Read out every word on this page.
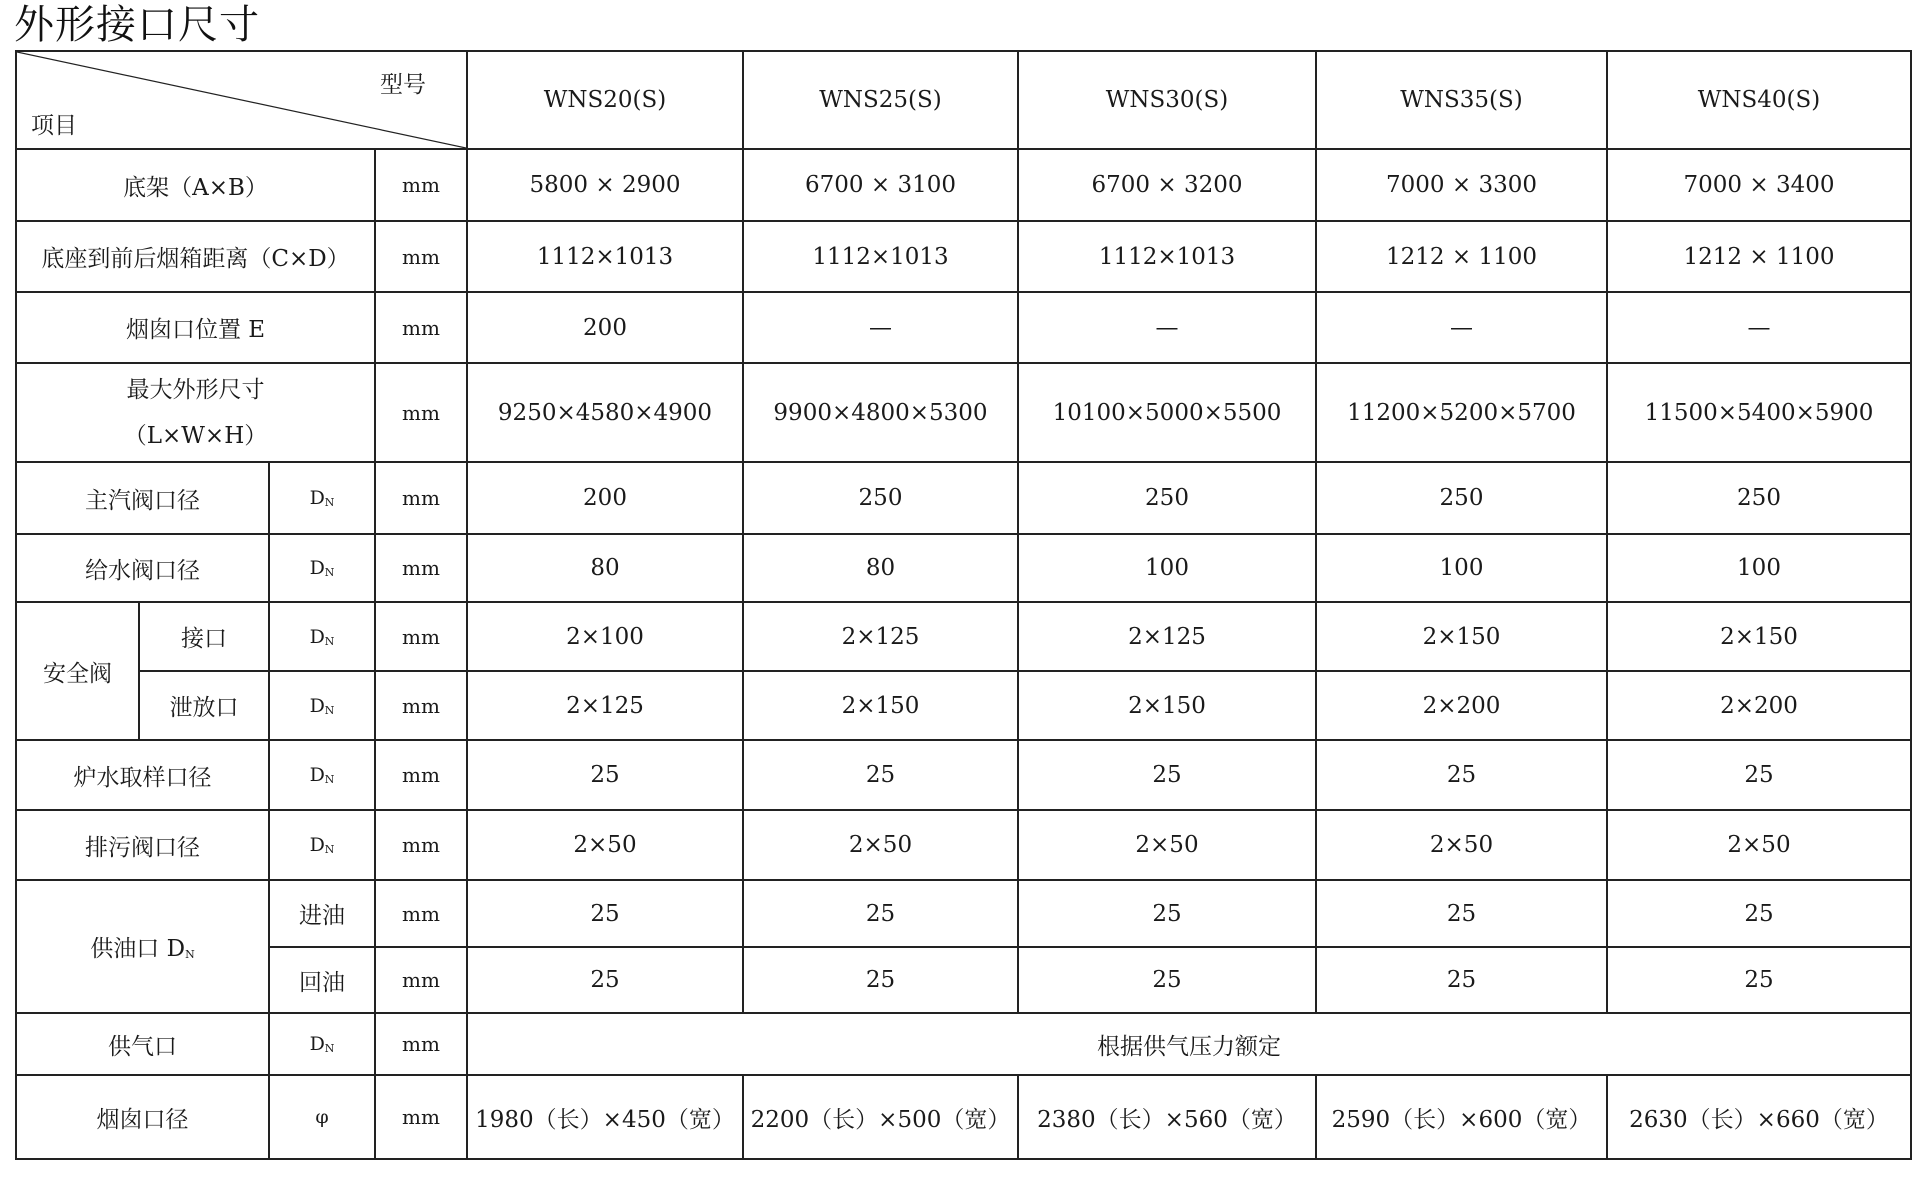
外形接口尺寸
型号
项目				WNS20(S)	WNS25(S)	WNS30(S)	WNS35(S)	WNS40(S)
底架（A×B）			mm	5800 × 2900	6700 × 3100	6700 × 3200	7000 × 3300	7000 × 3400
底座到前后烟箱距离（C×D）			mm	1112×1013	1112×1013	1112×1013	1212 × 1100	1212 × 1100
烟囱口位置 E			mm	200	—	—	—	—
最大外形尺寸
（L×W×H）			mm	9250×4580×4900	9900×4800×5300	10100×5000×5500	11200×5200×5700	11500×5400×5900
主汽阀口径		DN	mm	200	250	250	250	250
给水阀口径		DN	mm	80	80	100	100	100
安全阀	接口	DN	mm	2×100	2×125	2×125	2×150	2×150
	泄放口	DN	mm	2×125	2×150	2×150	2×200	2×200
炉水取样口径		DN	mm	25	25	25	25	25
排污阀口径		DN	mm	2×50	2×50	2×50	2×50	2×50
供油口 DN		进油	mm	25	25	25	25	25
		回油	mm	25	25	25	25	25
供气口		DN	mm	根据供气压力额定				
烟囱口径		φ	mm	1980（长）×450（宽）	2200（长）×500（宽）	2380（长）×560（宽）	2590（长）×600（宽）	2630（长）×660（宽）
